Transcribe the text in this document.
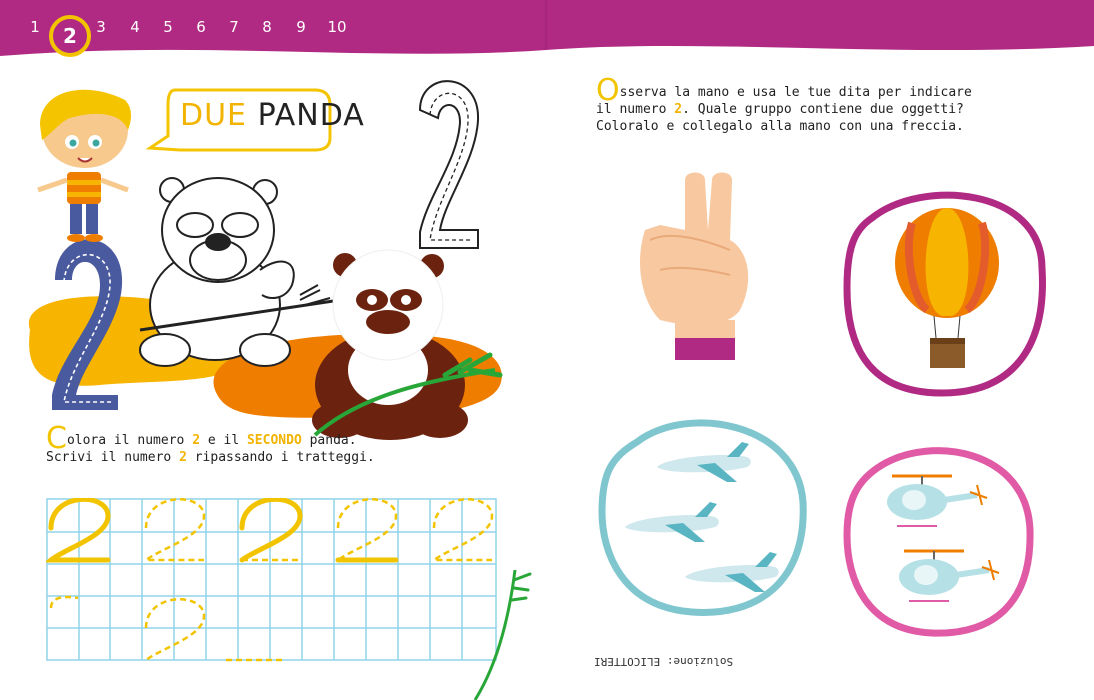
1	2	3	4	5	6	7	8	9	10
DUE PANDA
Colora il numero 2 e il SECONDO panda.
Scrivi il numero 2 ripassando i tratteggi.
Osserva la mano e usa le tue dita per indicare
il numero 2. Quale gruppo contiene due oggetti?
Coloralo e collegalo alla mano con una freccia.
Soluzione: ELICOTTERI
